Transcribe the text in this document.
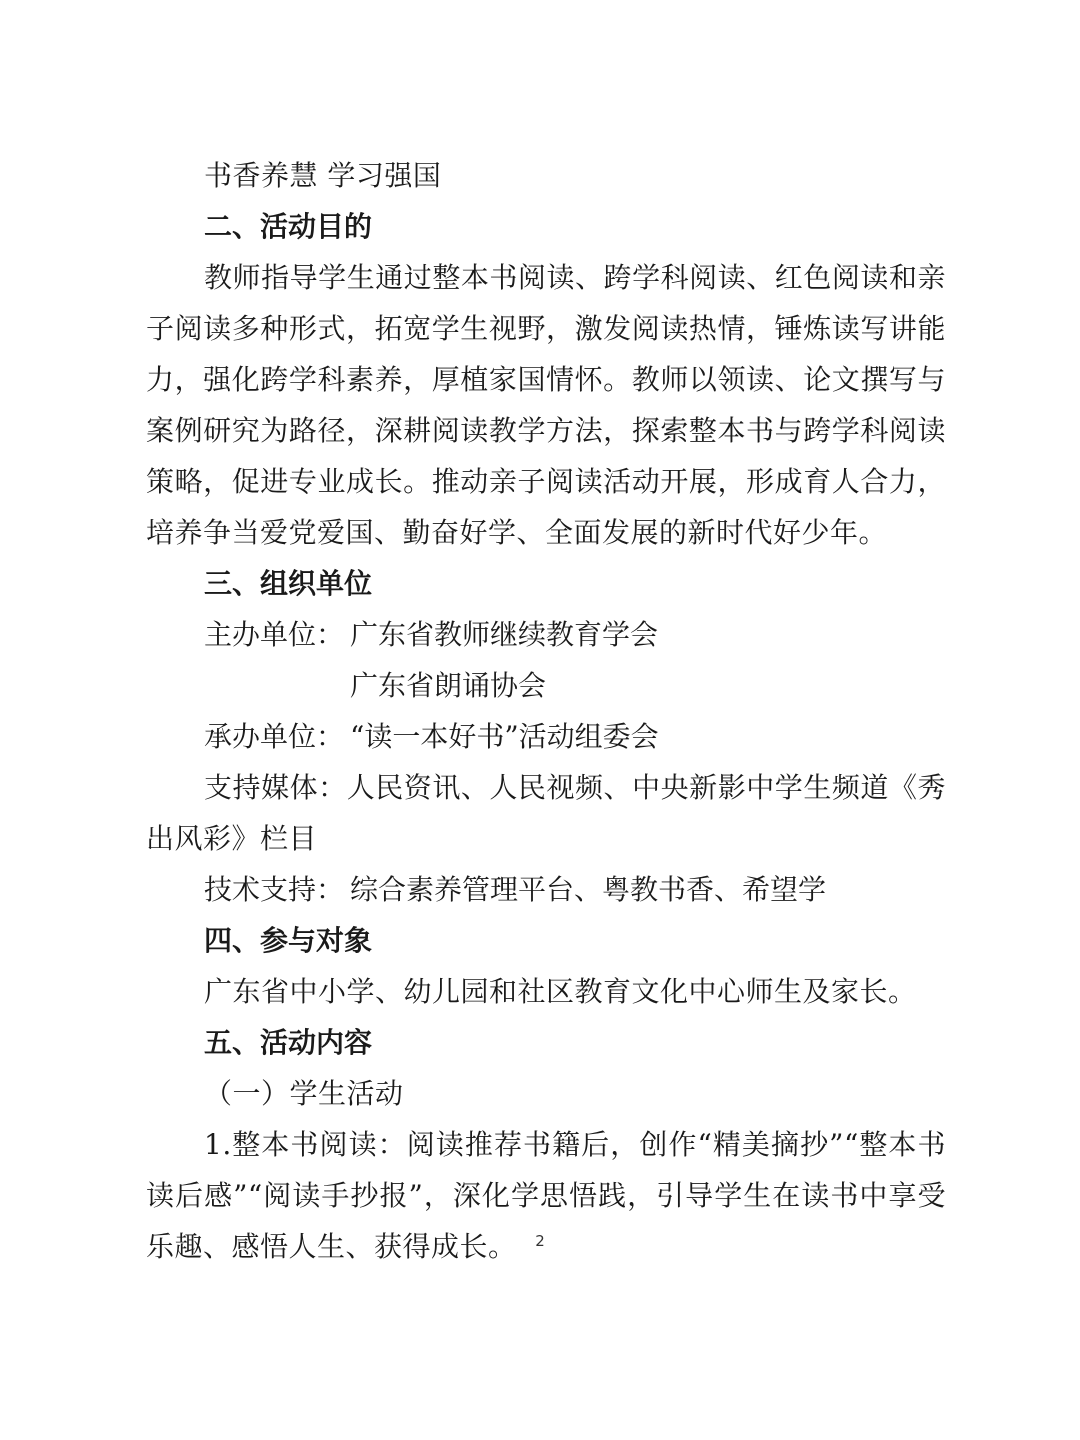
书香养慧 学习强国

二、活动目的

教师指导学生通过整本书阅读、跨学科阅读、红色阅读和亲子阅读多种形式，拓宽学生视野，激发阅读热情，锤炼读写讲能力，强化跨学科素养，厚植家国情怀。教师以领读、论文撰写与案例研究为路径，深耕阅读教学方法，探索整本书与跨学科阅读策略，促进专业成长。推动亲子阅读活动开展，形成育人合力，培养争当爱党爱国、勤奋好学、全面发展的新时代好少年。

三、组织单位

主办单位： 广东省教师继续教育学会

广东省朗诵协会

承办单位： “读一本好书”活动组委会

支持媒体：人民资讯、人民视频、中央新影中学生频道《秀出风彩》栏目

技术支持： 综合素养管理平台、粤教书香、希望学

四、参与对象

广东省中小学、幼儿园和社区教育文化中心师生及家长。

五、活动内容

（一）学生活动

1.整本书阅读：阅读推荐书籍后，创作“精美摘抄”“整本书读后感”“阅读手抄报”，深化学思悟践，引导学生在读书中享受乐趣、感悟人生、获得成长。	2
